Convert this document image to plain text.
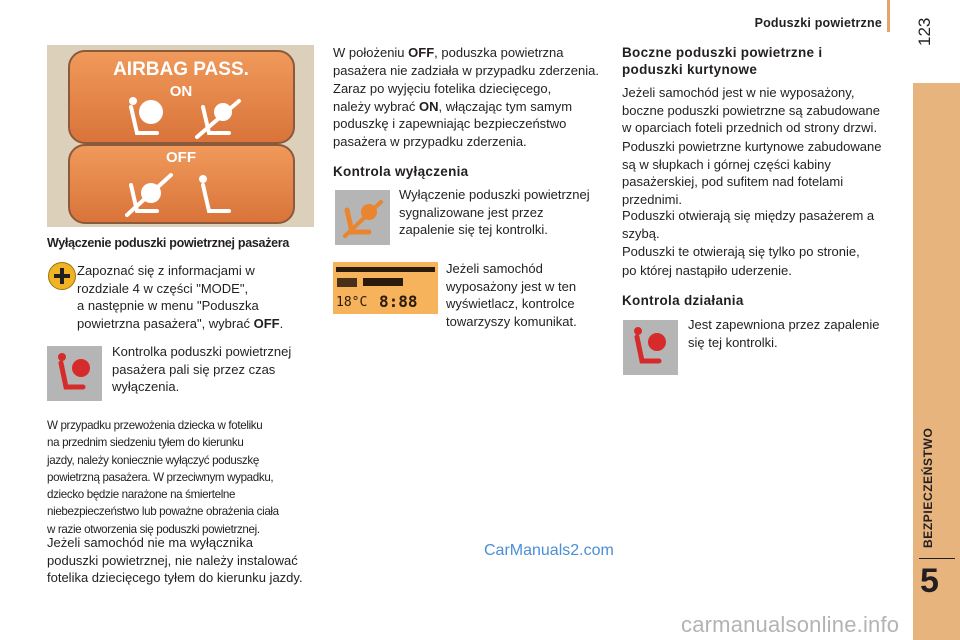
Poduszki powietrzne 123
BEZPIECZEŃSTWO
5
AIRBAG PASS.
ON
OFF
Wyłączenie poduszki powietrznej pasażera
Zapoznać się z informacjami w
rozdziale 4 w części "MODE",
a następnie w menu "Poduszka
powietrzna pasażera", wybrać OFF.
Kontrolka poduszki powietrznej
pasażera pali się przez czas
wyłączenia.
W przypadku przewożenia dziecka w foteliku
na przednim siedzeniu tyłem do kierunku
jazdy, należy koniecznie wyłączyć poduszkę
powietrzną pasażera. W przeciwnym wypadku,
dziecko będzie narażone na śmiertelne
niebezpieczeństwo lub poważne obrażenia ciała
w razie otworzenia się poduszki powietrznej.
Jeżeli samochód nie ma wyłącznika
poduszki powietrznej, nie należy instalować
fotelika dziecięcego tyłem do kierunku jazdy.
W położeniu OFF, poduszka powietrzna
pasażera nie zadziała w przypadku zderzenia.
Zaraz po wyjęciu fotelika dziecięcego,
należy wybrać ON, włączając tym samym
poduszkę i zapewniając bezpieczeństwo
pasażera w przypadku zderzenia.
Kontrola wyłączenia
Wyłączenie poduszki powietrznej
sygnalizowane jest przez
zapalenie się tej kontrolki.
18°C 8:88
Jeżeli samochód
wyposażony jest w ten
wyświetlacz, kontrolce
towarzyszy komunikat.
Boczne poduszki powietrzne i
poduszki kurtynowe
Jeżeli samochód jest w nie wyposażony,
boczne poduszki powietrzne są zabudowane
w oparciach foteli przednich od strony drzwi.
Poduszki powietrzne kurtynowe zabudowane
są w słupkach i górnej części kabiny
pasażerskiej, pod sufitem nad fotelami
przednimi.
Poduszki otwierają się między pasażerem a
szybą.
Poduszki te otwierają się tylko po stronie,
po której nastąpiło uderzenie.
Kontrola działania
Jest zapewniona przez zapalenie
się tej kontrolki.
CarManuals2.com
carmanualsonline.info
